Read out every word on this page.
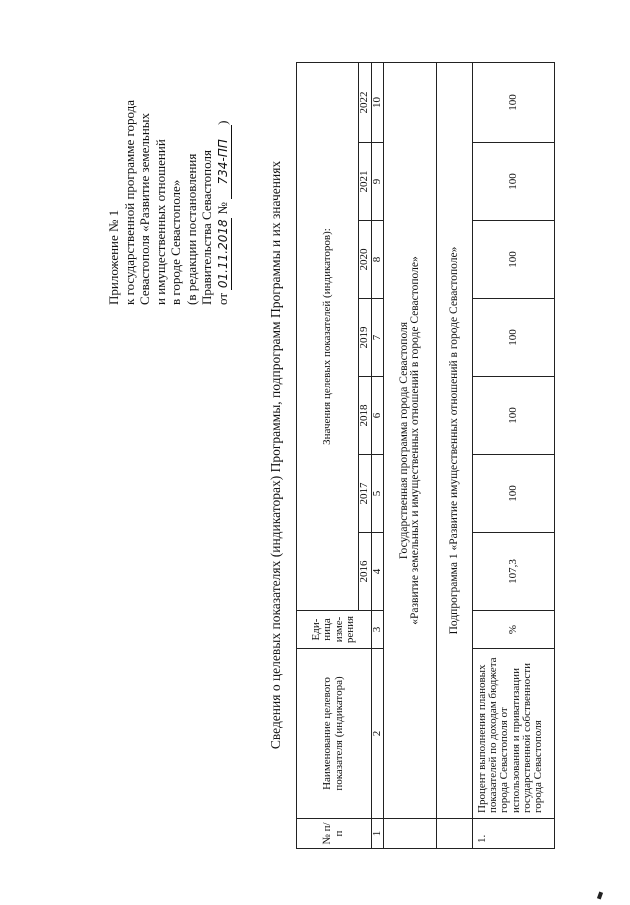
Приложение № 1 к государственной программе города Севастополя «Развитие земельных и имущественных отношений в городе Севастополе» (в редакции постановления Правительства Севастополя от 01.11.2018 № 734-ПП)
Сведения о целевых показателях (индикаторах) Программы, подпрограмм Программы и их значениях
№ п/п	Наименование целевого показателя (индикатора)	Еди-ница изме-рения	Значения целевых показателей (индикаторов):						
			2016	2017	2018	2019	2020	2021	2022
1	2	3	4	5	6	7	8	9	10

	Государственная программа города Севастополя «Развитие земельных и имущественных отношений в городе Севастополе»								

	Подпрограмма 1 «Развитие имущественных отношений в городе Севастополе»								
1.	Процент выполнения плановых показателей по доходам бюджета города Севастополя от использования и приватизации государственной собственности города Севастополя	%	107,3	100	100	100	100	100	100
